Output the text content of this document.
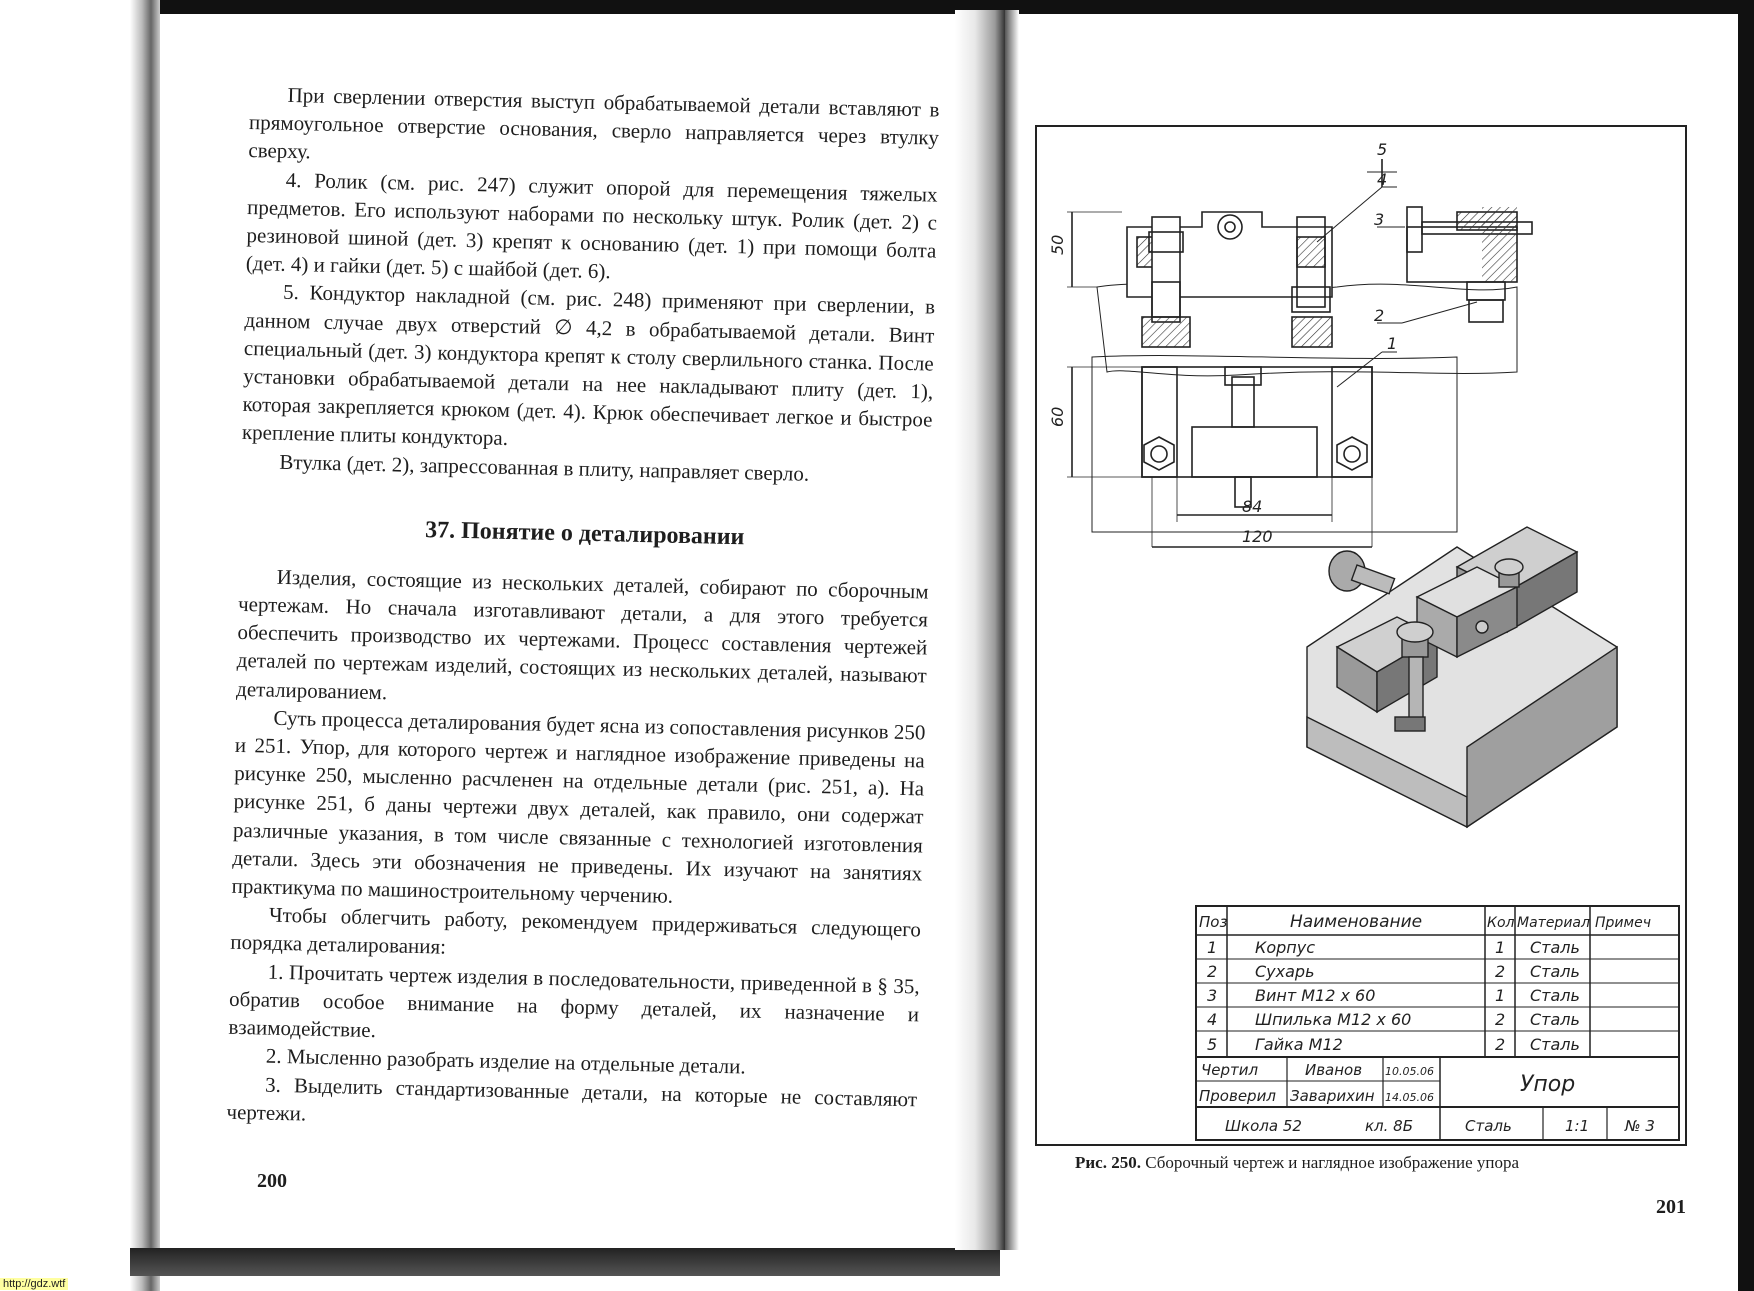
При сверлении отверстия выступ обрабатываемой детали вставляют в прямоугольное отверстие основания, сверло направляется через втулку сверху.

4. Ролик (см. рис. 247) служит опорой для перемещения тяжелых предметов. Его используют наборами по нескольку штук. Ролик (дет. 2) с резиновой шиной (дет. 3) крепят к основанию (дет. 1) при помощи болта (дет. 4) и гайки (дет. 5) с шайбой (дет. 6).

5. Кондуктор накладной (см. рис. 248) применяют при сверлении, в данном случае двух отверстий ∅ 4,2 в обрабатываемой детали. Винт специальный (дет. 3) кондуктора крепят к столу сверлильного станка. После установки обрабатываемой детали на нее накладывают плиту (дет. 1), которая закрепляется крюком (дет. 4). Крюк обеспечивает легкое и быстрое крепление плиты кондуктора.

Втулка (дет. 2), запрессованная в плиту, направляет сверло.

37. Понятие о деталировании

Изделия, состоящие из нескольких деталей, собирают по сборочным чертежам. Но сначала изготавливают детали, а для этого требуется обеспечить производство их чертежами. Процесс составления чертежей деталей по чертежам изделий, состоящих из нескольких деталей, называют деталированием.

Суть процесса деталирования будет ясна из сопоставления рисунков 250 и 251. Упор, для которого чертеж и наглядное изображение приведены на рисунке 250, мысленно расчленен на отдельные детали (рис. 251, а). На рисунке 251, б даны чертежи двух деталей, как правило, они содержат различные указания, в том числе связанные с технологией изготовления детали. Здесь эти обозначения не приведены. Их изучают на занятиях практикума по машиностроительному черчению.

Чтобы облегчить работу, рекомендуем придерживаться следующего порядка деталирования:

1. Прочитать чертеж изделия в последовательности, приведенной в § 35, обратив особое внимание на форму деталей, их назначение и взаимодействие.

2. Мысленно разобрать изделие на отдельные детали.

3. Выделить стандартизованные детали, на которые не составляют чертежи.

200
50
60
84
120
5
4
3
2
1
Поз	Наименование	Кол Материал Примеч
1 Корпус	1 Сталь
2 Сухарь	2 Сталь
3 Винт М12 х 60	1 Сталь
4 Шпилька М12 х 60	2 Сталь
5 Гайка М12	2 Сталь
Чертил	Иванов 10.05.06
Проверил Заварихин 14.05.06
Упор
Школа 52	кл. 8Б	Сталь	1:1 № 3
Рис. 250. Сборочный чертеж и наглядное изображение упора
201
http://gdz.wtf
